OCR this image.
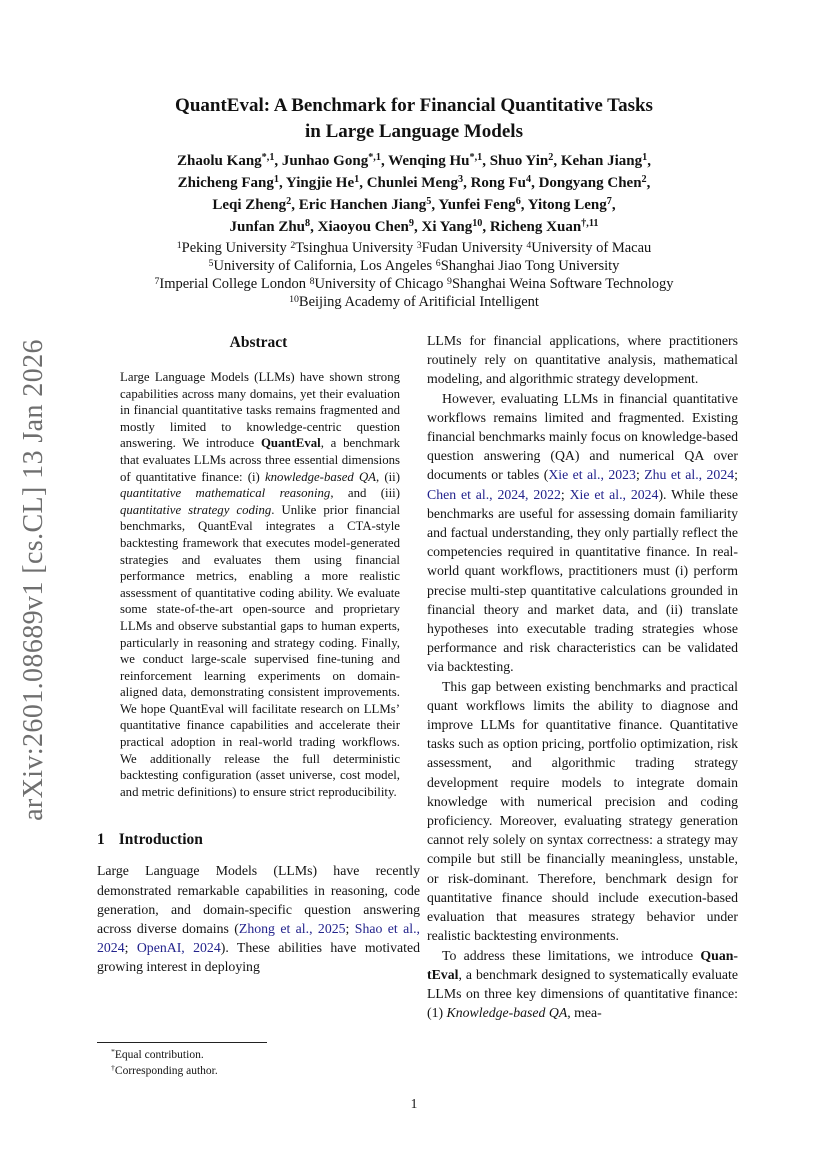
arXiv:2601.08689v1 [cs.CL] 13 Jan 2026
QuantEval: A Benchmark for Financial Quantitative Tasks
in Large Language Models
Zhaolu Kang$^{*,1}$, Junhao Gong$^{*,1}$, Wenqing $Hu^{*,1}$, Shuo Yin$^2$, Kehan Jiang$^1$,
Zhicheng Fang$^1$, Yingjie He$^1$, Chunlei Meng$^3$, Rong Fu$^4$, Dongyang Chen$^2$,
Leqi Zheng$^2$, Eric Hanchen Jiang$^5$, Yunfei Feng$^6$, Yitong Leng$^7$,
Junfan Zhu$^8$, Xiaoyou Chen$^9$, Xi Yang$^{10}$, Richeng Xuan$^{\dagger,11}$
$^1$Peking University $^2$Tsinghua University $^3$Fudan University $^4$University of Macau
$^5$University of California, Los Angeles $^6$Shanghai Jiao Tong University
$^7$Imperial College London $^8$University of Chicago $^9$Shanghai Weina Software Technology
$^{10}$Beijing Academy of Aritificial Intelligent
Abstract

Large Language Models (LLMs) have shown strong capabilities across many domains, yet their evaluation in financial quantitative tasks remains fragmented and mostly limited to knowledge-centric question answering. We introduce QuantEval, a benchmark that evaluates LLMs across three essential dimensions of quantitative finance: (i) knowledge-based QA, (ii) quantitative mathematical reasoning, and (iii) quantitative strategy coding. Unlike prior financial benchmarks, QuantEval integrates a CTA-style backtesting framework that executes model-generated strategies and evaluates them using financial performance metrics, enabling a more realistic assessment of quantitative coding ability. We evaluate some state-of-the-art open-source and proprietary LLMs and observe substantial gaps to human experts, particularly in reasoning and strategy coding. Finally, we conduct large-scale supervised fine-tuning and reinforcement learning experiments on domain-aligned data, demonstrating consistent improvements. We hope QuantEval will facilitate research on LLMs’ quantitative finance capabilities and accelerate their practical adoption in real-world trading workflows. We additionally release the full deterministic backtesting configuration (asset universe, cost model, and metric definitions) to ensure strict reproducibility.

1 Introduction

Large Language Models (LLMs) have recently demonstrated remarkable capabilities in reasoning, code generation, and domain-specific question answering across diverse domains (Zhong et al., 2025; Shao et al., 2024; OpenAI, 2024). These abilities have motivated growing interest in deploying

LLMs for financial applications, where practitioners routinely rely on quantitative analysis, mathematical modeling, and algorithmic strategy development.

However, evaluating LLMs in financial quantitative workflows remains limited and fragmented. Existing financial benchmarks mainly focus on knowledge-based question answering (QA) and numerical QA over documents or tables (Xie et al., 2023; Zhu et al., 2024; Chen et al., 2024, 2022; Xie et al., 2024). While these benchmarks are useful for assessing domain familiarity and factual understanding, they only partially reflect the competencies required in quantitative finance. In real-world quant workflows, practitioners must (i) perform precise multi-step quantitative calculations grounded in financial theory and market data, and (ii) translate hypotheses into executable trading strategies whose performance and risk characteristics can be validated via backtesting.

This gap between existing benchmarks and practical quant workflows limits the ability to diagnose and improve LLMs for quantitative finance. Quantitative tasks such as option pricing, portfolio optimization, risk assessment, and algorithmic trading strategy development require models to integrate domain knowledge with numerical precision and coding proficiency. Moreover, evaluating strategy generation cannot rely solely on syntax correctness: a strategy may compile but still be financially meaningless, unstable, or risk-dominant. Therefore, benchmark design for quantitative finance should include execution-based evaluation that measures strategy behavior under realistic backtesting environments.

To address these limitations, we introduce Quan-tEval, a benchmark designed to systematically evaluate LLMs on three key dimensions of quantitative finance: (1) Knowledge-based QA, mea-

*Equal contribution.
†Corresponding author.
1
